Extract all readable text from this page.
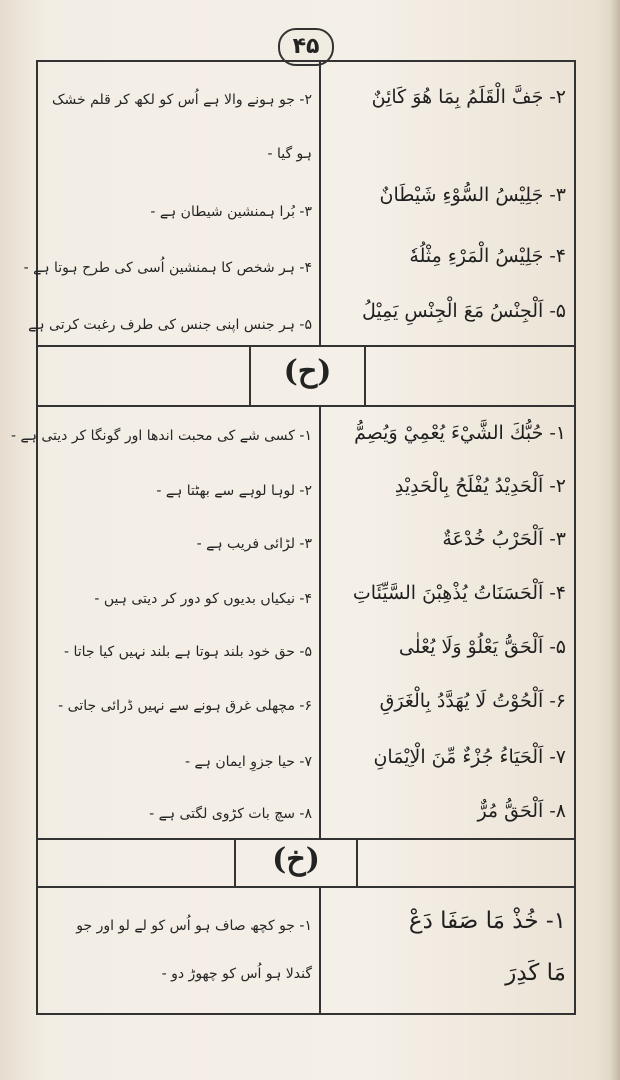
۴۵
۲- جَفَّ الْقَلَمُ بِمَا هُوَ كَائِنٌ
۳- جَلِيْسُ السُّوْءِ شَيْطَانٌ
۴- جَلِيْسُ الْمَرْءِ مِثْلُهٗ
۵- اَلْجِنْسُ مَعَ الْجِنْسِ يَمِيْلُ
۲- جو ہونے والا ہے اُس کو لکھ کر قلم خشک
ہو گیا -
۳- بُرا ہمنشین شیطان ہے -
۴- ہر شخص کا ہمنشین اُسی کی طرح ہوتا ہے -
۵- ہر جنس اپنی جنس کی طرف رغبت کرتی ہے
(ح)
۱- حُبُّكَ الشَّيْءَ يُعْمِيْ وَيُصِمُّ
۲- اَلْحَدِيْدُ يُفْلَحُ بِالْحَدِيْدِ
۳- اَلْحَرْبُ خُدْعَةٌ
۴- اَلْحَسَنَاتُ يُذْهِبْنَ السَّيِّئَاتِ
۵- اَلْحَقُّ يَعْلُوْ وَلَا يُعْلٰى
۶- اَلْحُوْتُ لَا يُهَدَّدُ بِالْغَرَقِ
۷- اَلْحَيَاءُ جُزْءٌ مِّنَ الْاِيْمَانِ
۸- اَلْحَقُّ مُرٌّ
۱- کسی شے کی محبت اندھا اور گونگا کر دیتی ہے -
۲- لوہا لوہے سے بھٹتا ہے -
۳- لڑائی فریب ہے -
۴- نیکیاں بدیوں کو دور کر دیتی ہیں -
۵- حق خود بلند ہوتا ہے بلند نہیں کیا جاتا -
۶- مچھلی غرق ہونے سے نہیں ڈرائی جاتی -
۷- حیا جزوِ ایمان ہے -
۸- سچ بات کڑوی لگتی ہے -
(خ)
۱- خُذْ مَا صَفَا دَعْ
مَا كَدِرَ
۱- جو کچھ صاف ہو اُس کو لے لو اور جو
گندلا ہو اُس کو چھوڑ دو -
